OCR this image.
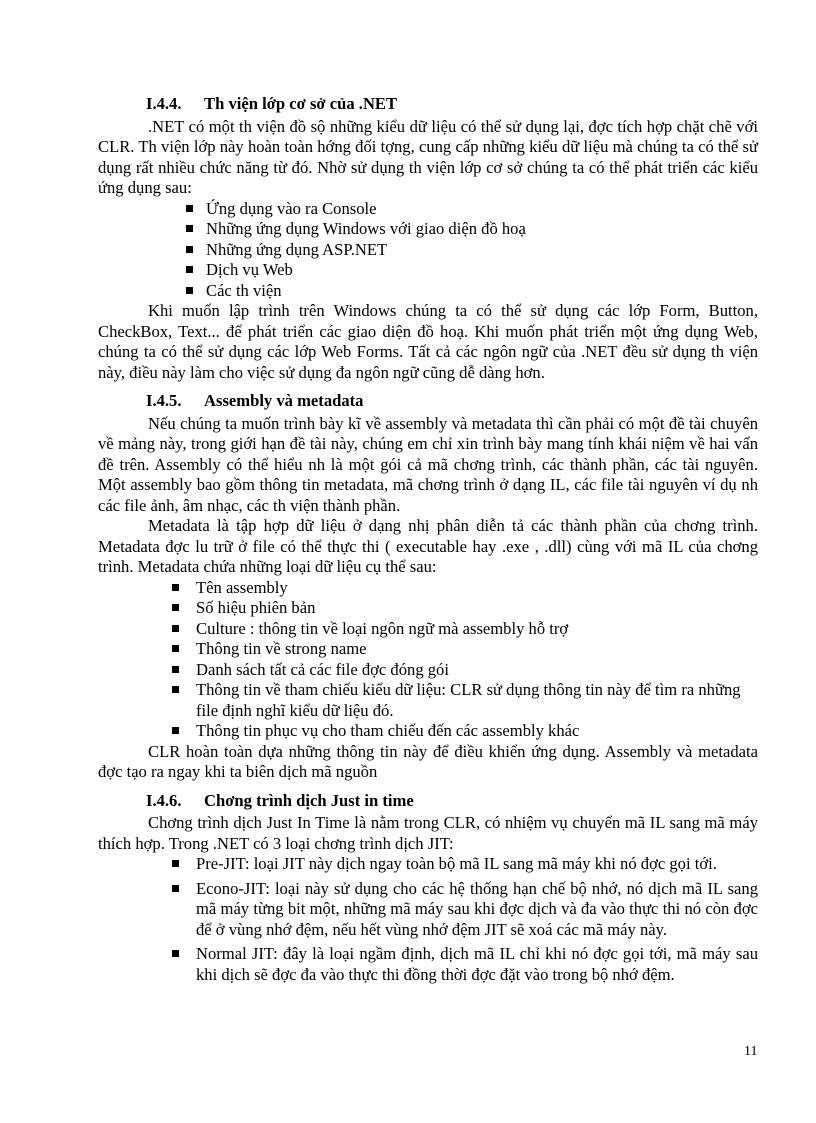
I.4.4. Th viện lớp cơ sở của .NET

.NET có một th viện đồ sộ những kiểu dữ liệu có thể sử dụng lại, đợc tích hợp chặt chẽ với CLR. Th viện lớp này hoàn toàn hớng đối tợng, cung cấp những kiểu dữ liệu mà chúng ta có thể sử dụng rất nhiều chức năng từ đó. Nhờ sử dụng th viện lớp cơ sở chúng ta có thể phát triển các kiểu ứng dụng sau:

Ứng dụng vào ra Console
Những ứng dụng Windows với giao diện đồ hoạ
Những ứng dụng ASP.NET
Dịch vụ Web
Các th viện

Khi muốn lập trình trên Windows chúng ta có thể sử dụng các lớp Form, Button, CheckBox, Text... để phát triển các giao diện đồ hoạ. Khi muốn phát triển một ứng dụng Web, chúng ta có thể sử dụng các lớp Web Forms. Tất cả các ngôn ngữ của .NET đều sử dụng th viện này, điều này làm cho việc sử dụng đa ngôn ngữ cũng dễ dàng hơn.

I.4.5. Assembly và metadata

Nếu chúng ta muốn trình bày kĩ về assembly và metadata thì cần phải có một đề tài chuyên về mảng này, trong giới hạn đề tài này, chúng em chỉ xin trình bày mang tính khái niệm về hai vấn đề trên. Assembly có thể hiểu nh là một gói cả mã chơng trình, các thành phần, các tài nguyên. Một assembly bao gồm thông tin metadata, mã chơng trình ở dạng IL, các file tài nguyên ví dụ nh các file ảnh, âm nhạc, các th viện thành phần.

Metadata là tập hợp dữ liệu ở dạng nhị phân diễn tả các thành phần của chơng trình. Metadata đợc lu trữ ở file có thể thực thi ( executable hay .exe , .dll) cùng với mã IL của chơng trình. Metadata chứa những loại dữ liệu cụ thể sau:

Tên assembly
Số hiệu phiên bản
Culture : thông tin về loại ngôn ngữ mà assembly hỗ trợ
Thông tin về strong name
Danh sách tất cả các file đợc đóng gói
Thông tin về tham chiếu kiểu dữ liệu: CLR sử dụng thông tin này để tìm ra những file định nghĩ kiểu dữ liệu đó.
Thông tin phục vụ cho tham chiếu đến các assembly khác

CLR hoàn toàn dựa những thông tin này để điều khiển ứng dụng. Assembly và metadata đợc tạo ra ngay khi ta biên dịch mã nguồn

I.4.6. Chơng trình dịch Just in time

Chơng trình dịch Just In Time là nằm trong CLR, có nhiệm vụ chuyển mã IL sang mã máy thích hợp. Trong .NET có 3 loại chơng trình dịch JIT:

Pre-JIT: loại JIT này dịch ngay toàn bộ mã IL sang mã máy khi nó đợc gọi tới.
Econo-JIT: loại này sử dụng cho các hệ thống hạn chế bộ nhớ, nó dịch mã IL sang mã máy từng bit một, những mã máy sau khi đợc dịch và đa vào thực thi nó còn đợc để ở vùng nhớ đệm, nếu hết vùng nhớ đệm JIT sẽ xoá các mã máy này.
Normal JIT: đây là loại ngầm định, dịch mã IL chỉ khi nó đợc gọi tới, mã máy sau khi dịch sẽ đợc đa vào thực thi đồng thời đợc đặt vào trong bộ nhớ đệm.
11
